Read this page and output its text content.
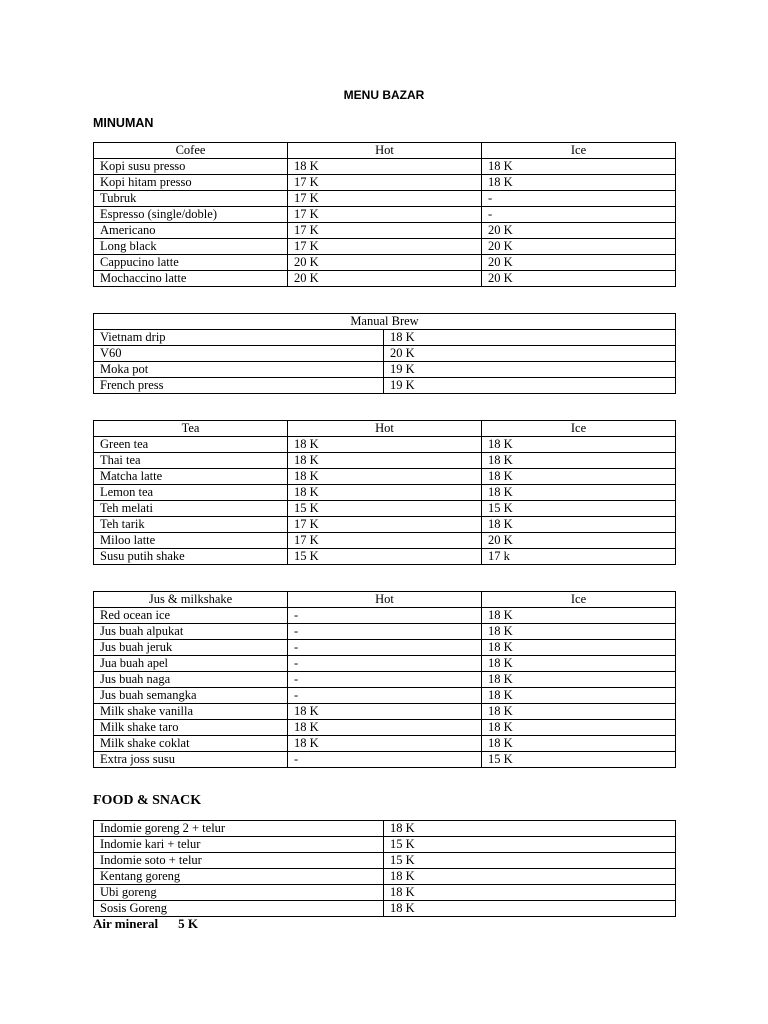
MENU BAZAR
MINUMAN
Cofee	Hot	Ice
Kopi susu presso	18 K	18 K
Kopi hitam presso	17 K	18 K
Tubruk	17 K	-
Espresso (single/doble)	17 K	-
Americano	17 K	20 K
Long black	17 K	20 K
Cappucino latte	20 K	20 K
Mochaccino latte	20 K	20 K
Manual Brew	
Vietnam drip	18 K
V60	20 K
Moka pot	19 K
French press	19 K
Tea	Hot	Ice
Green tea	18 K	18 K
Thai tea	18 K	18 K
Matcha latte	18 K	18 K
Lemon tea	18 K	18 K
Teh melati	15 K	15 K
Teh tarik	17 K	18 K
Miloo latte	17 K	20 K
Susu putih shake	15 K	17 k
Jus & milkshake	Hot	Ice
Red ocean ice	-	18 K
Jus buah alpukat	-	18 K
Jus buah jeruk	-	18 K
Jua buah apel	-	18 K
Jus buah naga	-	18 K
Jus buah semangka	-	18 K
Milk shake vanilla	18 K	18 K
Milk shake taro	18 K	18 K
Milk shake coklat	18 K	18 K
Extra joss susu	-	15 K
FOOD & SNACK
Indomie goreng 2 + telur	18 K
Indomie kari + telur	15 K
Indomie soto + telur	15 K
Kentang goreng	18 K
Ubi goreng	18 K
Sosis Goreng	18 K
Air mineral 5 K
